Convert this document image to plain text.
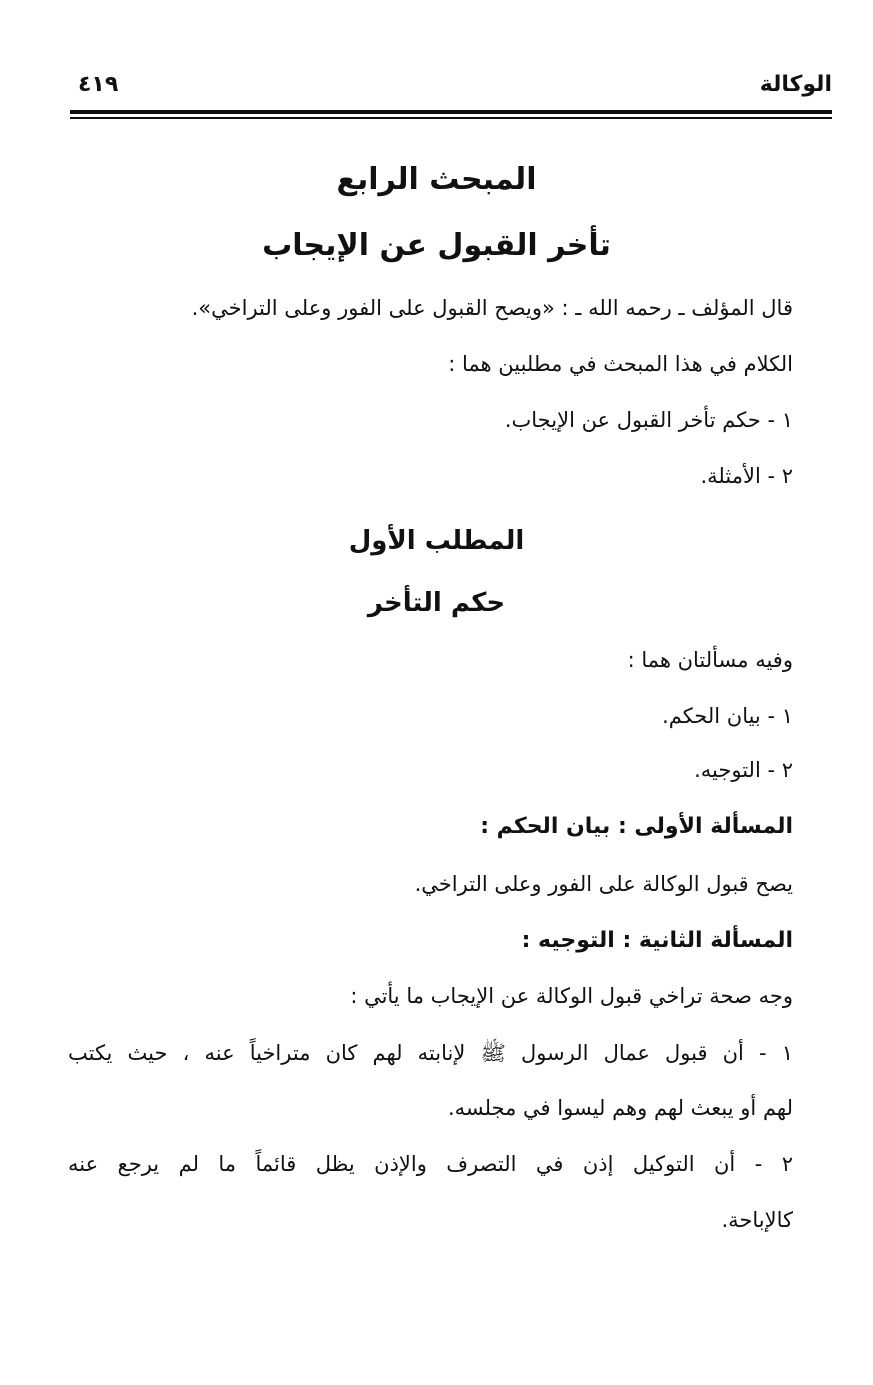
الوكالة
٤١٩
المبحث الرابع
تأخر القبول عن الإيجاب
قال المؤلف ـ رحمه الله ـ : «ويصح القبول على الفور وعلى التراخي».
الكلام في هذا المبحث في مطلبين هما :
١ - حكم تأخر القبول عن الإيجاب.
٢ - الأمثلة.
المطلب الأول
حكم التأخر
وفيه مسألتان هما :
١ - بيان الحكم.
٢ - التوجيه.
المسألة الأولى : بيان الحكم :
يصح قبول الوكالة على الفور وعلى التراخي.
المسألة الثانية : التوجيه :
وجه صحة تراخي قبول الوكالة عن الإيجاب ما يأتي :
١ - أن قبول عمال الرسول ﷺ لإنابته لهم كان متراخياً عنه ، حيث يكتب
لهم أو يبعث لهم وهم ليسوا في مجلسه.
٢ - أن التوكيل إذن في التصرف والإذن يظل قائماً ما لم يرجع عنه
كالإباحة.
